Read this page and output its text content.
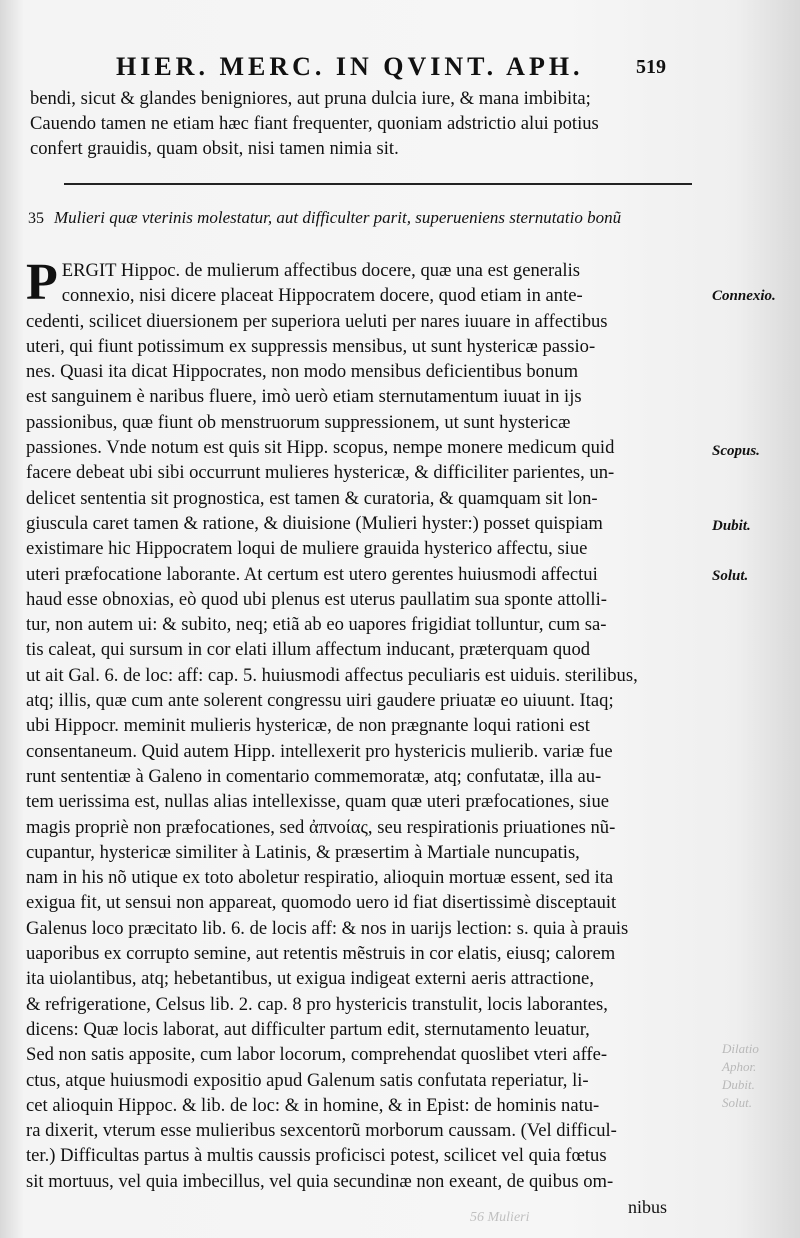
Dilatio
Aphor.
Dubit.
Solut.
HIER. MERC. IN QVINT. APH.	519
bendi, sicut & glandes benigniores, aut pruna dulcia iure, & mana imbibita;
Cauendo tamen ne etiam hæc fiant frequenter, quoniam adstrictio alui potius
confert grauidis, quam obsit, nisi tamen nimia sit.
35 Mulieri quæ vterinis molestatur, aut difficulter parit, superueniens sternutatio bonũ
P ERGIT Hippoc. de mulierum affectibus docere, quæ una est generalis
connexio, nisi dicere placeat Hippocratem docere, quod etiam in ante-
cedenti, scilicet diuersionem per superiora ueluti per nares iuuare in affectibus
uteri, qui fiunt potissimum ex suppressis mensibus, ut sunt hystericæ passio-
nes. Quasi ita dicat Hippocrates, non modo mensibus deficientibus bonum
est sanguinem è naribus fluere, imò uerò etiam sternutamentum iuuat in ijs
passionibus, quæ fiunt ob menstruorum suppressionem, ut sunt hystericæ
passiones. Vnde notum est quis sit Hipp. scopus, nempe monere medicum quid
facere debeat ubi sibi occurrunt mulieres hystericæ, & difficiliter parientes, un-
delicet sententia sit prognostica, est tamen & curatoria, & quamquam sit lon-
giuscula caret tamen & ratione, & diuisione (Mulieri hyster:) posset quispiam
existimare hic Hippocratem loqui de muliere grauida hysterico affectu, siue
uteri præfocatione laborante. At certum est utero gerentes huiusmodi affectui
haud esse obnoxias, eò quod ubi plenus est uterus paullatim sua sponte attolli-
tur, non autem ui: & subito, neq; etiã ab eo uapores frigidiat tolluntur, cum sa-
tis caleat, qui sursum in cor elati illum affectum inducant, præterquam quod
ut ait Gal. 6. de loc: aff: cap. 5. huiusmodi affectus peculiaris est uiduis. sterilibus,
atq; illis, quæ cum ante solerent congressu uiri gaudere priuatæ eo uiuunt. Itaq;
ubi Hippocr. meminit mulieris hystericæ, de non prægnante loqui rationi est
consentaneum. Quid autem Hipp. intellexerit pro hystericis mulierib. variæ fue
runt sententiæ à Galeno in comentario commemoratæ, atq; confutatæ, illa au-
tem uerissima est, nullas alias intellexisse, quam quæ uteri præfocationes, siue
magis propriè non præfocationes, sed ἀπνοίας, seu respirationis priuationes nũ-
cupantur, hystericæ similiter à Latinis, & præsertim à Martiale nuncupatis,
nam in his nõ utique ex toto aboletur respiratio, alioquin mortuæ essent, sed ita
exigua fit, ut sensui non appareat, quomodo uero id fiat disertissimè disceptauit
Galenus loco præcitato lib. 6. de locis aff: & nos in uarijs lection: s. quia à prauis
uaporibus ex corrupto semine, aut retentis mẽstruis in cor elatis, eiusq; calorem
ita uiolantibus, atq; hebetantibus, ut exigua indigeat externi aeris attractione,
& refrigeratione, Celsus lib. 2. cap. 8 pro hystericis transtulit, locis laborantes,
dicens: Quæ locis laborat, aut difficulter partum edit, sternutamento leuatur,
Sed non satis apposite, cum labor locorum, comprehendat quoslibet vteri affe-
ctus, atque huiusmodi expositio apud Galenum satis confutata reperiatur, li-
cet alioquin Hippoc. & lib. de loc: & in homine, & in Epist: de hominis natu-
ra dixerit, vterum esse mulieribus sexcentorũ morborum caussam. (Vel difficul-
ter.) Difficultas partus à multis caussis proficisci potest, scilicet vel quia fœtus
sit mortuus, vel quia imbecillus, vel quia secundinæ non exeant, de quibus om-
Connexio.
Scopus.
Dubit.
Solut.
56 Mulieri
nibus
